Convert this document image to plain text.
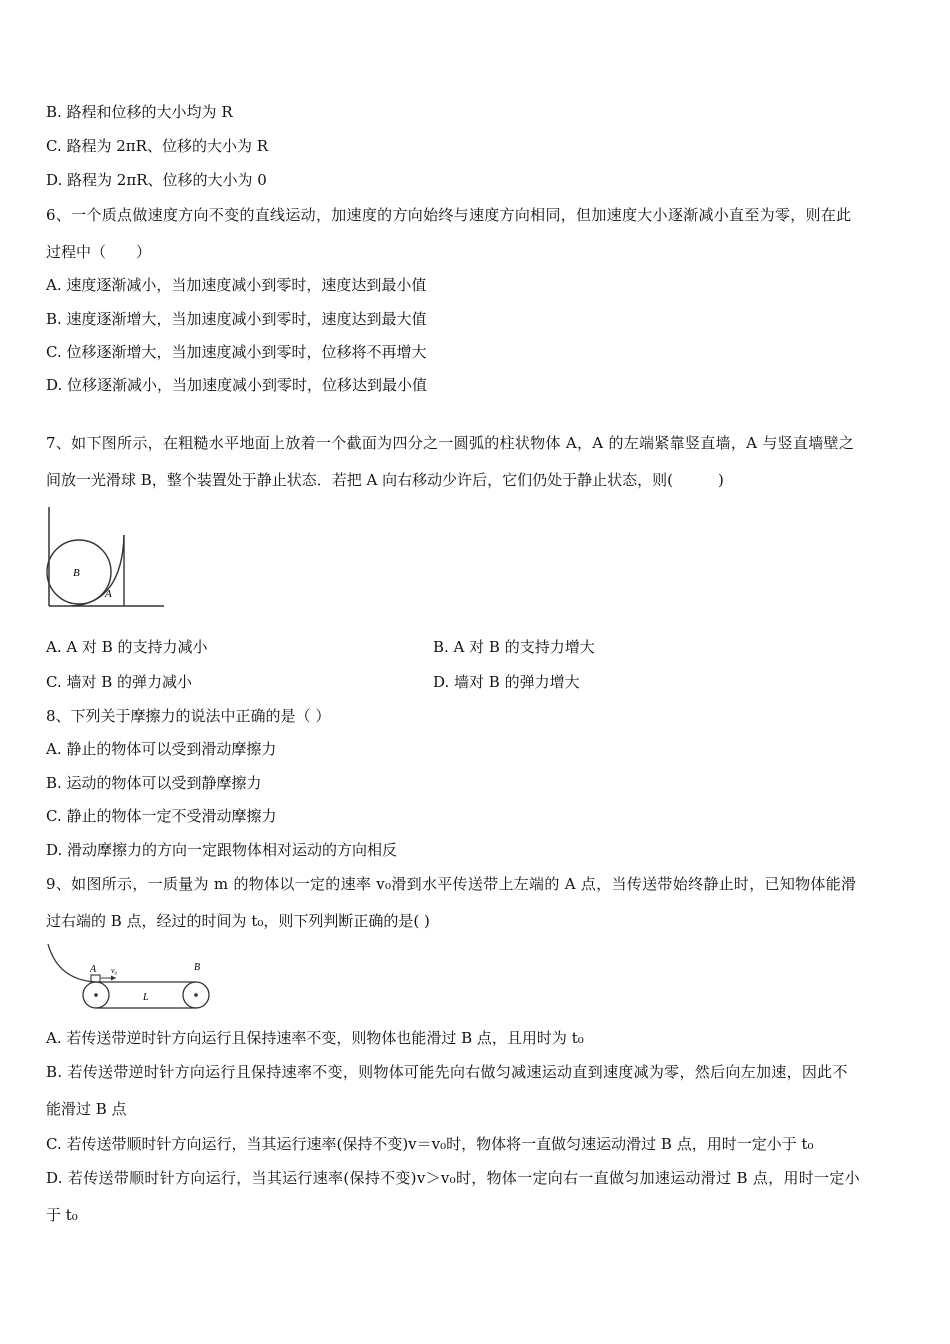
B. 路程和位移的大小均为 R
C. 路程为 2πR、位移的大小为 R
D. 路程为 2πR、位移的大小为 0
6、一个质点做速度方向不变的直线运动，加速度的方向始终与速度方向相同，但加速度大小逐渐减小直至为零，则在此
过程中（　　）
A. 速度逐渐减小，当加速度减小到零时，速度达到最小值
B. 速度逐渐增大，当加速度减小到零时，速度达到最大值
C. 位移逐渐增大，当加速度减小到零时，位移将不再增大
D. 位移逐渐减小，当加速度减小到零时，位移达到最小值
7、如下图所示，在粗糙水平地面上放着一个截面为四分之一圆弧的柱状物体 A，A 的左端紧靠竖直墙，A 与竖直墙壁之
间放一光滑球 B，整个装置处于静止状态．若把 A 向右移动少许后，它们仍处于静止状态，则(　　　)
B
A
A. A 对 B 的支持力减小	B. A 对 B 的支持力增大
C. 墙对 B 的弹力减小	D. 墙对 B 的弹力增大
8、下列关于摩擦力的说法中正确的是（ ）
A. 静止的物体可以受到滑动摩擦力
B. 运动的物体可以受到静摩擦力
C. 静止的物体一定不受滑动摩擦力
D. 滑动摩擦力的方向一定跟物体相对运动的方向相反
9、如图所示，一质量为 m 的物体以一定的速率 v₀滑到水平传送带上左端的 A 点，当传送带始终静止时，已知物体能滑
过右端的 B 点，经过的时间为 t₀，则下列判断正确的是( )
A v₀	B
L
A. 若传送带逆时针方向运行且保持速率不变，则物体也能滑过 B 点，且用时为 t₀
B. 若传送带逆时针方向运行且保持速率不变，则物体可能先向右做匀减速运动直到速度减为零，然后向左加速，因此不
能滑过 B 点
C. 若传送带顺时针方向运行，当其运行速率(保持不变)v＝v₀时，物体将一直做匀速运动滑过 B 点，用时一定小于 t₀
D. 若传送带顺时针方向运行，当其运行速率(保持不变)v＞v₀时，物体一定向右一直做匀加速运动滑过 B 点，用时一定小
于 t₀
